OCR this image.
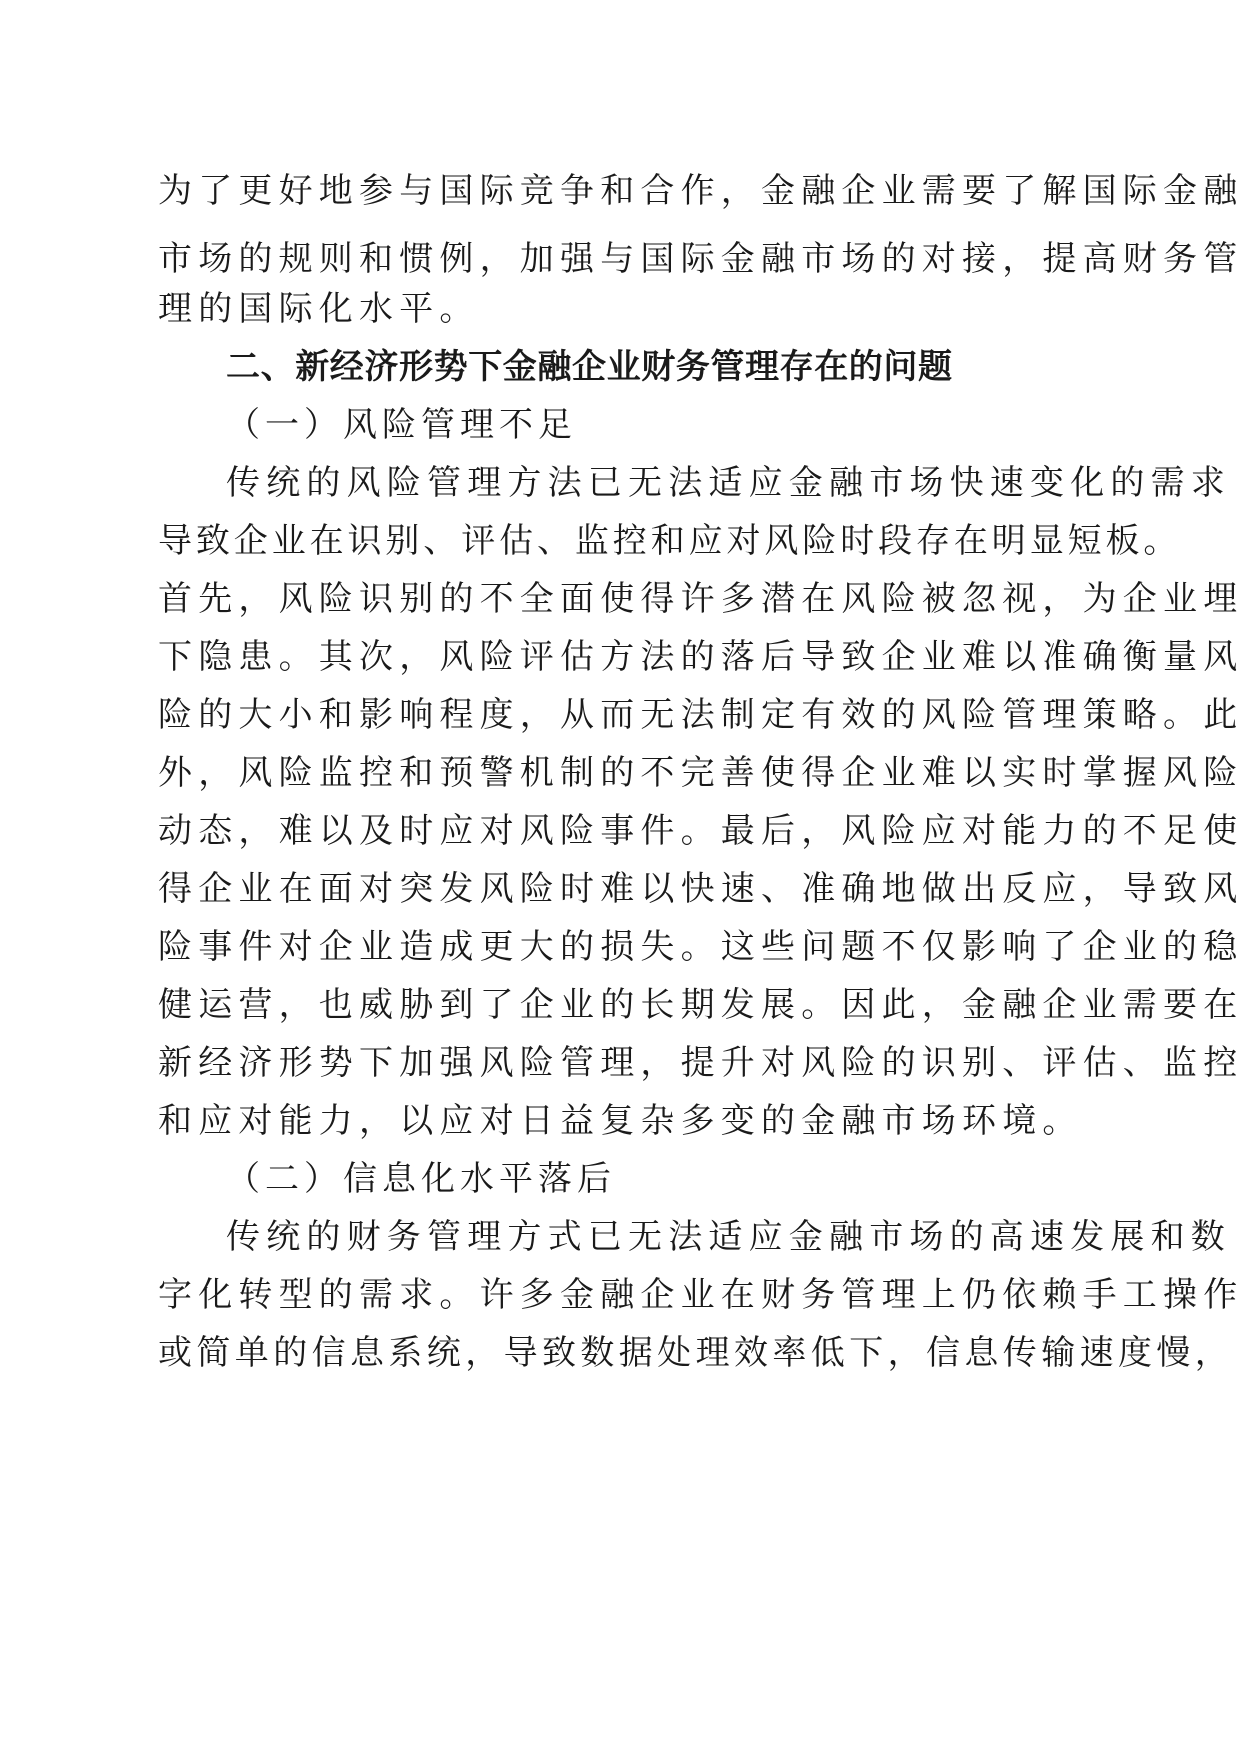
为了更好地参与国际竞争和合作，金融企业需要了解国际金融
市场的规则和惯例，加强与国际金融市场的对接，提高财务管
理的国际化水平。
二、新经济形势下金融企业财务管理存在的问题
（一）风险管理不足
传统的风险管理方法已无法适应金融市场快速变化的需求
导致企业在识别、评估、监控和应对风险时段存在明显短板。
首先，风险识别的不全面使得许多潜在风险被忽视，为企业埋
下隐患。其次，风险评估方法的落后导致企业难以准确衡量风
险的大小和影响程度，从而无法制定有效的风险管理策略。此
外，风险监控和预警机制的不完善使得企业难以实时掌握风险
动态，难以及时应对风险事件。最后，风险应对能力的不足使
得企业在面对突发风险时难以快速、准确地做出反应，导致风
险事件对企业造成更大的损失。这些问题不仅影响了企业的稳
健运营，也威胁到了企业的长期发展。因此，金融企业需要在
新经济形势下加强风险管理，提升对风险的识别、评估、监控
和应对能力，以应对日益复杂多变的金融市场环境。
（二）信息化水平落后
传统的财务管理方式已无法适应金融市场的高速发展和数
字化转型的需求。许多金融企业在财务管理上仍依赖手工操作
或简单的信息系统，导致数据处理效率低下，信息传输速度慢，
